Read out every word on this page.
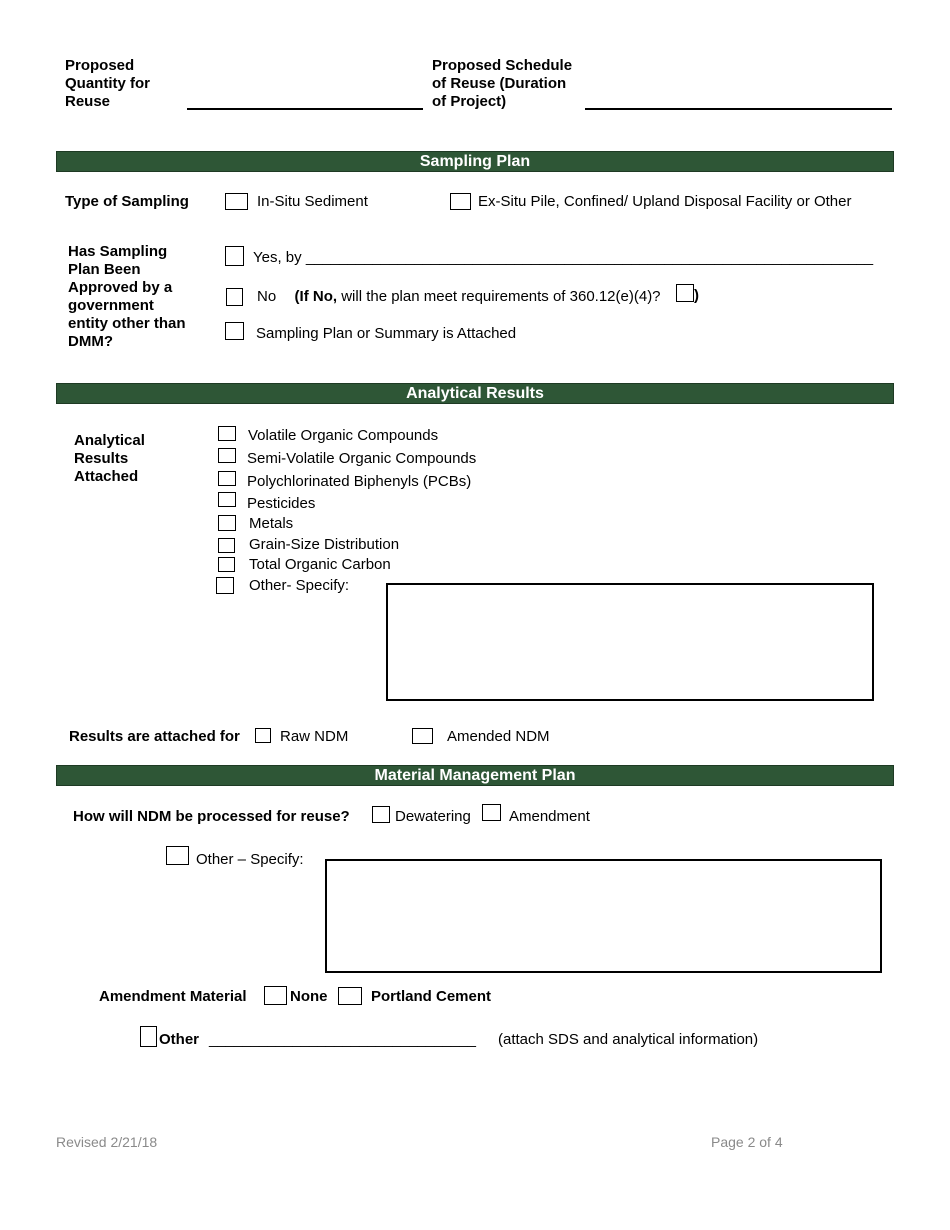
Proposed
Quantity for
Reuse
Proposed Schedule
of Reuse (Duration
of Project)
Sampling Plan
Type of Sampling	In-Situ Sediment	Ex-Situ Pile, Confined/ Upland Disposal Facility or Other
Has Sampling
Plan Been
Approved by a
government
entity other than
DMM?
Yes, by ____________________________________________________________________
No (If No, will the plan meet requirements of 360.12(e)(4)? )
Sampling Plan or Summary is Attached
Analytical Results
Analytical
Results
Attached
Volatile Organic Compounds
Semi-Volatile Organic Compounds
Polychlorinated Biphenyls (PCBs)
Pesticides
Metals
Grain-Size Distribution
Total Organic Carbon
Other- Specify:
Results are attached for	Raw NDM	Amended NDM
Material Management Plan
How will NDM be processed for reuse?	Dewatering	Amendment
Other – Specify:
Amendment Material	None	Portland Cement
Other ________________________________ (attach SDS and analytical information)
Revised 2/21/18	Page 2 of 4
